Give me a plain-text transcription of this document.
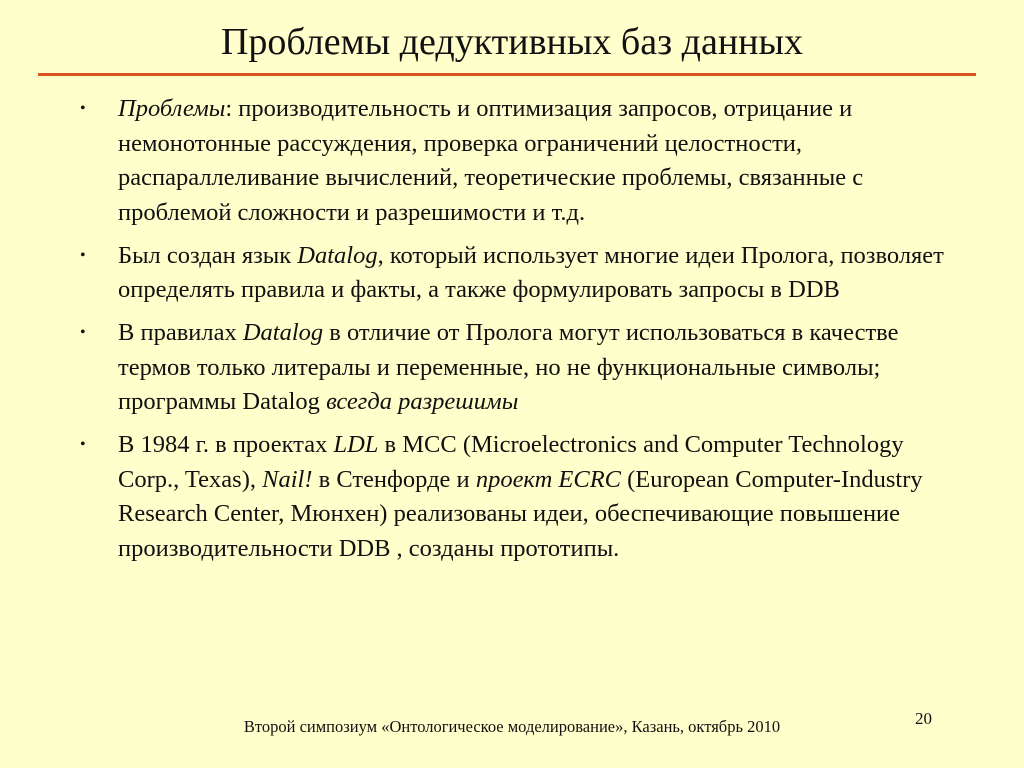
Проблемы дедуктивных баз данных
• Проблемы: производительность и оптимизация запросов, отрицание и немонотонные рассуждения, проверка ограничений целостности, распараллеливание вычислений, теоретические проблемы, связанные с проблемой сложности и разрешимости и т.д.
• Был создан язык Datalog, который использует многие идеи Пролога, позволяет определять правила и факты, а также формулировать запросы в DDB
• В правилах Datalog в отличие от Пролога могут использоваться в качестве термов только литералы и переменные, но не функциональные символы; программы Datalog всегда разрешимы
• В 1984 г. в проектах LDL в MCC (Microelectronics and Computer Technology Corp., Texas), Nail! в Стенфорде и проект ECRC (European Computer-Industry Research Center, Мюнхен) реализованы идеи, обеспечивающие повышение производительности DDB , созданы прототипы.
Второй симпозиум «Онтологическое моделирование», Казань, октябрь 2010	20
